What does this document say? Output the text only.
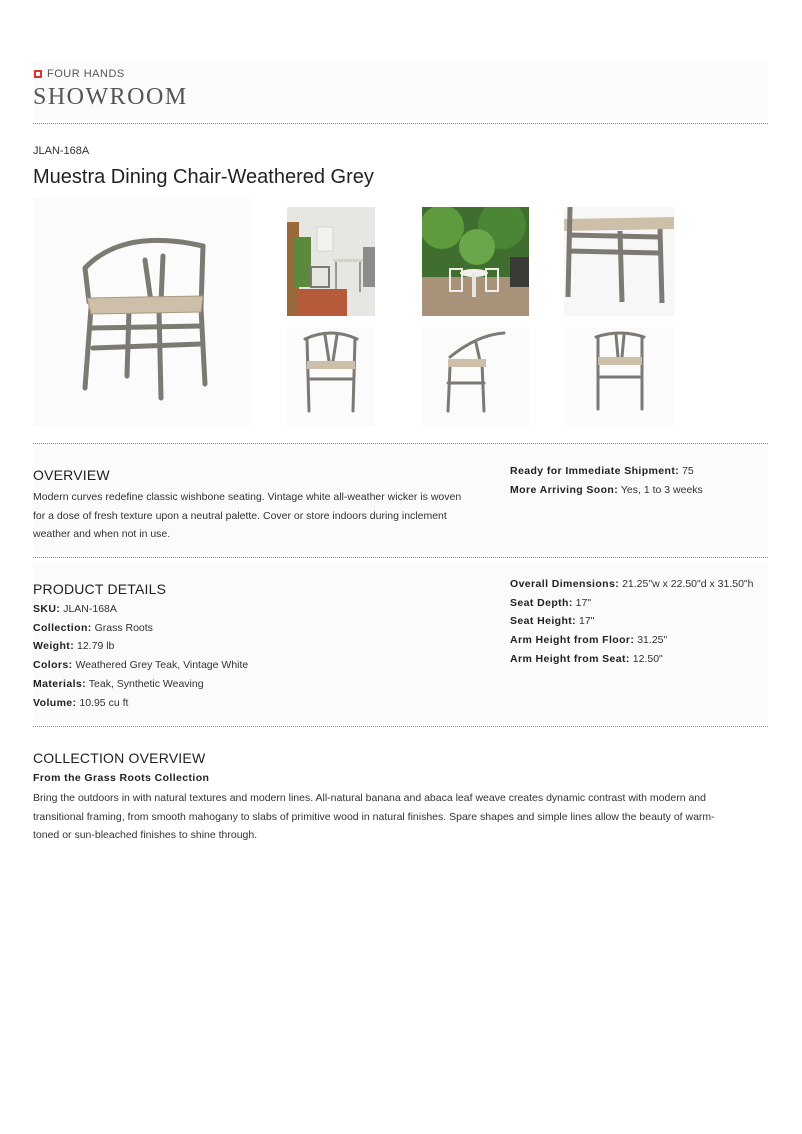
FOUR HANDS
SHOWROOM
JLAN-168A
Muestra Dining Chair-Weathered Grey
OVERVIEW
Modern curves redefine classic wishbone seating. Vintage white all-weather wicker is woven
for a dose of fresh texture upon a neutral palette. Cover or store indoors during inclement
weather and when not in use.
Ready for Immediate Shipment: 75
More Arriving Soon: Yes, 1 to 3 weeks
PRODUCT DETAILS
SKU: JLAN-168A
Collection: Grass Roots
Weight: 12.79 lb
Colors: Weathered Grey Teak, Vintage White
Materials: Teak, Synthetic Weaving
Volume: 10.95 cu ft
Overall Dimensions: 21.25"w x 22.50"d x 31.50"h
Seat Depth: 17"
Seat Height: 17"
Arm Height from Floor: 31.25"
Arm Height from Seat: 12.50"
COLLECTION OVERVIEW
From the Grass Roots Collection
Bring the outdoors in with natural textures and modern lines. All-natural banana and abaca leaf weave creates dynamic contrast with modern and
transitional framing, from smooth mahogany to slabs of primitive wood in natural finishes. Spare shapes and simple lines allow the beauty of warm-
toned or sun-bleached finishes to shine through.
